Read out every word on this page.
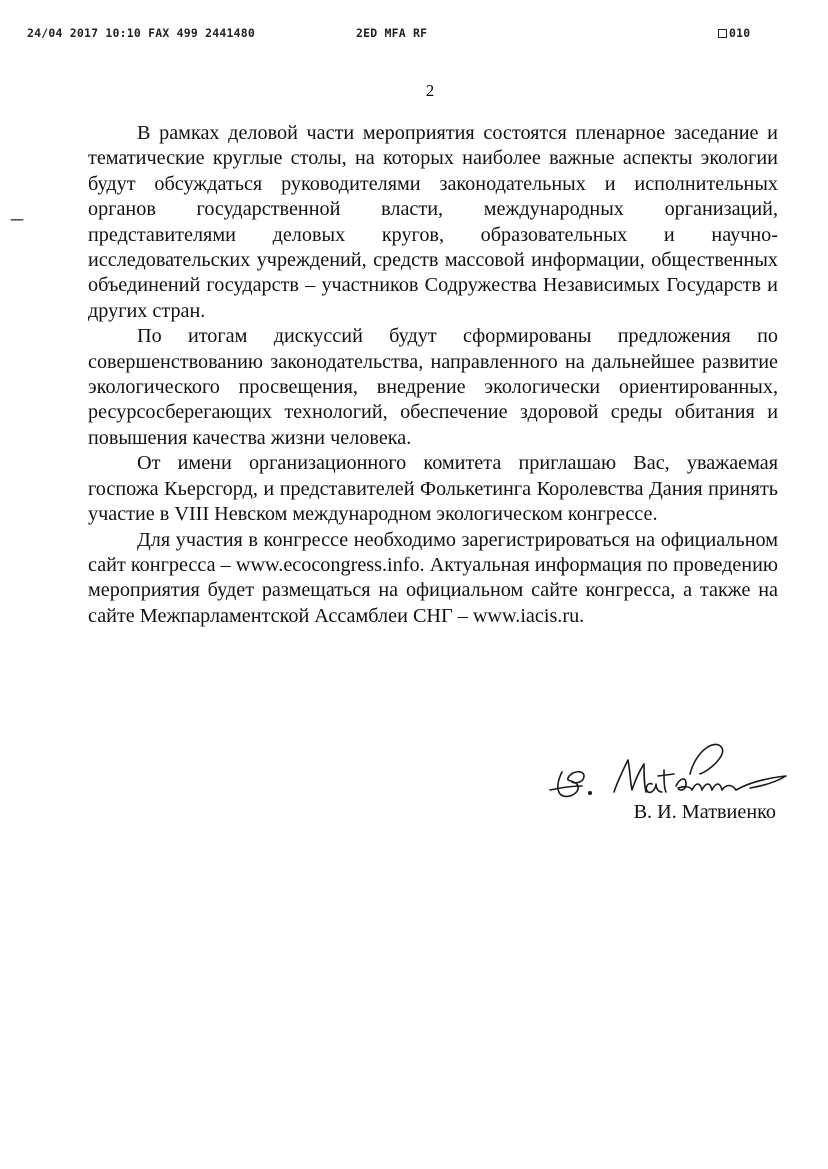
24/04 2017 10:10 FAX 499 2441480	2ED MFA RF	010
2
---

В рамках деловой части мероприятия состоятся пленарное заседание и тематические круглые столы, на которых наиболее важные аспекты экологии будут обсуждаться руководителями законодательных и исполнительных органов государственной власти, международных организаций, представителями деловых кругов, образовательных и научно-исследовательских учреждений, средств массовой информации, общественных объединений государств – участников Содружества Независимых Государств и других стран.

По итогам дискуссий будут сформированы предложения по совершенствованию законодательства, направленного на дальнейшее развитие экологического просвещения, внедрение экологически ориентированных, ресурсосберегающих технологий, обеспечение здоровой среды обитания и повышения качества жизни человека.

От имени организационного комитета приглашаю Вас, уважаемая госпожа Кьерсгорд, и представителей Фолькетинга Королевства Дания принять участие в VIII Невском международном экологическом конгрессе.

Для участия в конгрессе необходимо зарегистрироваться на официальном сайт конгресса – www.ecocongress.info. Актуальная информация по проведению мероприятия будет размещаться на официальном сайте конгресса, а также на сайте Межпарламентской Ассамблеи СНГ – www.iacis.ru.

В. И. Матвиенко
